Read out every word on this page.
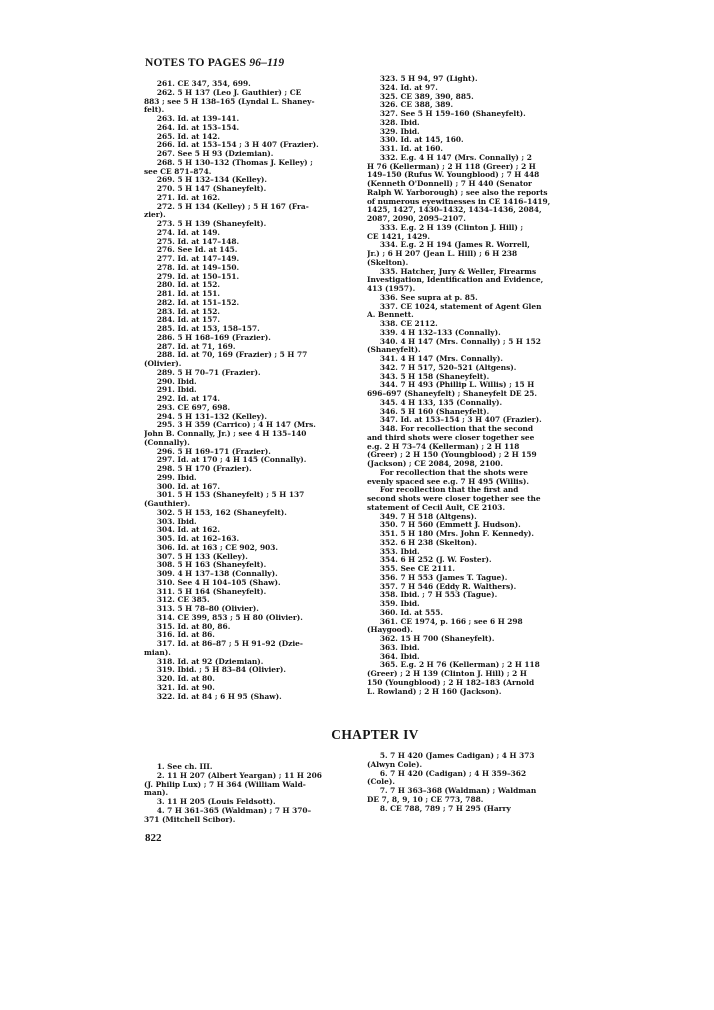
NOTES TO PAGES 96–119
261. CE 347, 354, 699.
262. 5 H 137 (Leo J. Gauthier) ; CE
883 ; see 5 H 138–165 (Lyndal L. Shaney-
felt).
263. Id. at 139–141.
264. Id. at 153–154.
265. Id. at 142.
266. Id. at 153–154 ; 3 H 407 (Frazier).
267. See 5 H 93 (Dziemian).
268. 5 H 130–132 (Thomas J. Kelley) ;
see CE 871–874.
269. 5 H 132–134 (Kelley).
270. 5 H 147 (Shaneyfelt).
271. Id. at 162.
272. 5 H 134 (Kelley) ; 5 H 167 (Fra-
zier).
273. 5 H 139 (Shaneyfelt).
274. Id. at 149.
275. Id. at 147–148.
276. See Id. at 145.
277. Id. at 147–149.
278. Id. at 149–150.
279. Id. at 150–151.
280. Id. at 152.
281. Id. at 151.
282. Id. at 151–152.
283. Id. at 152.
284. Id. at 157.
285. Id. at 153, 158–157.
286. 5 H 168–169 (Frazier).
287. Id. at 71, 169.
288. Id. at 70, 169 (Frazier) ; 5 H 77
(Olivier).
289. 5 H 70–71 (Frazier).
290. Ibid.
291. Ibid.
292. Id. at 174.
293. CE 697, 698.
294. 5 H 131–132 (Kelley).
295. 3 H 359 (Carrico) ; 4 H 147 (Mrs.
John B. Connally, Jr.) ; see 4 H 135–140
(Connally).
296. 5 H 169–171 (Frazier).
297. Id. at 170 ; 4 H 145 (Connally).
298. 5 H 170 (Frazier).
299. Ibid.
300. Id. at 167.
301. 5 H 153 (Shaneyfelt) ; 5 H 137
(Gauthier).
302. 5 H 153, 162 (Shaneyfelt).
303. Ibid.
304. Id. at 162.
305. Id. at 162–163.
306. Id. at 163 ; CE 902, 903.
307. 5 H 133 (Kelley).
308. 5 H 163 (Shaneyfelt).
309. 4 H 137–138 (Connally).
310. See 4 H 104–105 (Shaw).
311. 5 H 164 (Shaneyfelt).
312. CE 385.
313. 5 H 78–80 (Olivier).
314. CE 399, 853 ; 5 H 80 (Olivier).
315. Id. at 80, 86.
316. Id. at 86.
317. Id. at 86–87 ; 5 H 91–92 (Dzie-
mian).
318. Id. at 92 (Dziemian).
319. Ibid. ; 5 H 83–84 (Olivier).
320. Id. at 80.
321. Id. at 90.
322. Id. at 84 ; 6 H 95 (Shaw).
323. 5 H 94, 97 (Light).
324. Id. at 97.
325. CE 389, 390, 885.
326. CE 388, 389.
327. See 5 H 159–160 (Shaneyfelt).
328. Ibid.
329. Ibid.
330. Id. at 145, 160.
331. Id. at 160.
332. E.g. 4 H 147 (Mrs. Connally) ; 2
H 76 (Kellerman) ; 2 H 118 (Greer) ; 2 H
149–150 (Rufus W. Youngblood) ; 7 H 448
(Kenneth O'Donnell) ; 7 H 440 (Senator
Ralph W. Yarborough) ; see also the reports
of numerous eyewitnesses in CE 1416–1419,
1425, 1427, 1430–1432, 1434–1436, 2084,
2087, 2090, 2095–2107.
333. E.g. 2 H 139 (Clinton J. Hill) ;
CE 1421, 1429.
334. E.g. 2 H 194 (James R. Worrell,
Jr.) ; 6 H 207 (Jean L. Hill) ; 6 H 238
(Skelton).
335. Hatcher, Jury & Weller, Firearms
Investigation, Identification and Evidence,
413 (1957).
336. See supra at p. 85.
337. CE 1024, statement of Agent Glen
A. Bennett.
338. CE 2112.
339. 4 H 132–133 (Connally).
340. 4 H 147 (Mrs. Connally) ; 5 H 152
(Shaneyfelt).
341. 4 H 147 (Mrs. Connally).
342. 7 H 517, 520–521 (Altgens).
343. 5 H 158 (Shaneyfelt).
344. 7 H 493 (Phillip L. Willis) ; 15 H
696–697 (Shaneyfelt) ; Shaneyfelt DE 25.
345. 4 H 133, 135 (Connally).
346. 5 H 160 (Shaneyfelt).
347. Id. at 153–154 ; 3 H 407 (Frazier).
348. For recollection that the second
and third shots were closer together see
e.g. 2 H 73–74 (Kellerman) ; 2 H 118
(Greer) ; 2 H 150 (Youngblood) ; 2 H 159
(Jackson) ; CE 2084, 2098, 2100.
For recollection that the shots were
evenly spaced see e.g. 7 H 495 (Willis).
For recollection that the first and
second shots were closer together see the
statement of Cecil Ault, CE 2103.
349. 7 H 518 (Altgens).
350. 7 H 560 (Emmett J. Hudson).
351. 5 H 180 (Mrs. John F. Kennedy).
352. 6 H 238 (Skelton).
353. Ibid.
354. 6 H 252 (J. W. Foster).
355. See CE 2111.
356. 7 H 553 (James T. Tague).
357. 7 H 546 (Eddy R. Walthers).
358. Ibid. ; 7 H 553 (Tague).
359. Ibid.
360. Id. at 555.
361. CE 1974, p. 166 ; see 6 H 298
(Haygood).
362. 15 H 700 (Shaneyfelt).
363. Ibid.
364. Ibid.
365. E.g. 2 H 76 (Kellerman) ; 2 H 118
(Greer) ; 2 H 139 (Clinton J. Hill) ; 2 H
150 (Youngblood) ; 2 H 182–183 (Arnold
L. Rowland) ; 2 H 160 (Jackson).
CHAPTER IV
1. See ch. III.
2. 11 H 207 (Albert Yeargan) ; 11 H 206
(J. Philip Lux) ; 7 H 364 (William Wald-
man).
3. 11 H 205 (Louis Feldsott).
4. 7 H 361–365 (Waldman) ; 7 H 370–
371 (Mitchell Scibor).
5. 7 H 420 (James Cadigan) ; 4 H 373
(Alwyn Cole).
6. 7 H 420 (Cadigan) ; 4 H 359–362
(Cole).
7. 7 H 363–368 (Waldman) ; Waldman
DE 7, 8, 9, 10 ; CE 773, 788.
8. CE 788, 789 ; 7 H 295 (Harry
822
